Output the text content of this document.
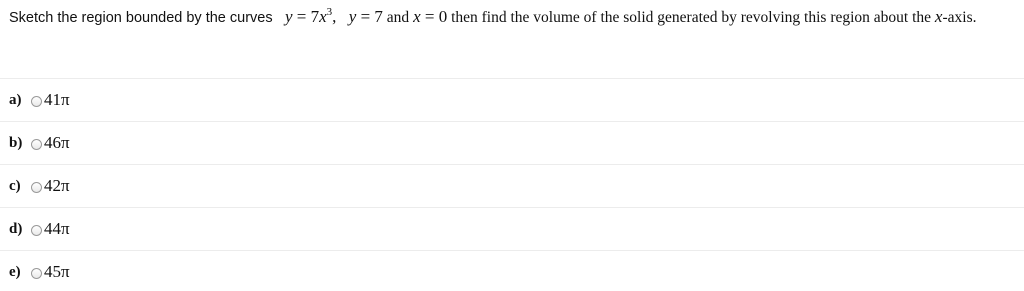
Sketch the region bounded by the curves $y = 7x^3$, y = 7 and x = 0 then find the volume of the solid generated by revolving this region about the x-axis.
a)	41π
b)	46π
c)	42π
d)	44π
e)	45π
